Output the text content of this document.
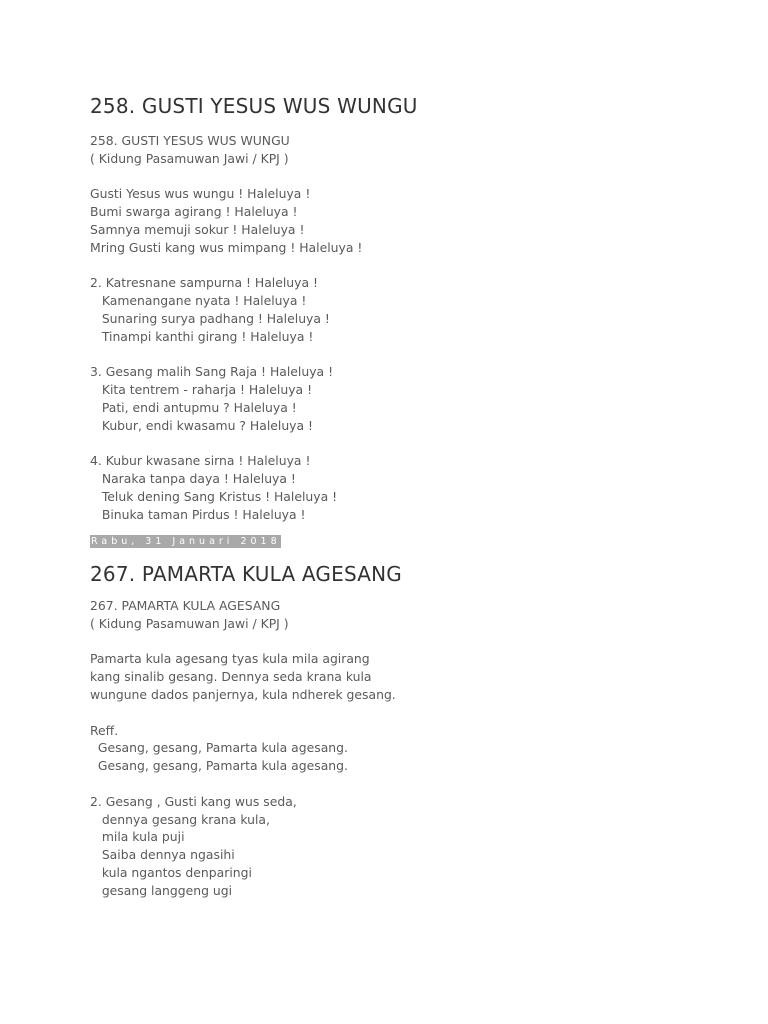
258. GUSTI YESUS WUS WUNGU
258. GUSTI YESUS WUS WUNGU
( Kidung Pasamuwan Jawi / KPJ )
Gusti Yesus wus wungu ! Haleluya !
Bumi swarga agirang ! Haleluya !
Samnya memuji sokur ! Haleluya !
Mring Gusti kang wus mimpang ! Haleluya !
2. Katresnane sampurna ! Haleluya !
Kamenangane nyata ! Haleluya !
Sunaring surya padhang ! Haleluya !
Tinampi kanthi girang ! Haleluya !
3. Gesang malih Sang Raja ! Haleluya !
Kita tentrem - raharja ! Haleluya !
Pati, endi antupmu ? Haleluya !
Kubur, endi kwasamu ? Haleluya !
4. Kubur kwasane sirna ! Haleluya !
Naraka tanpa daya ! Haleluya !
Teluk dening Sang Kristus ! Haleluya !
Binuka taman Pirdus ! Haleluya !
Rabu, 31 Januari 2018
267. PAMARTA KULA AGESANG
267. PAMARTA KULA AGESANG
( Kidung Pasamuwan Jawi / KPJ )
Pamarta kula agesang tyas kula mila agirang
kang sinalib gesang. Dennya seda krana kula
wungune dados panjernya, kula ndherek gesang.
Reff.
Gesang, gesang, Pamarta kula agesang.
Gesang, gesang, Pamarta kula agesang.
2. Gesang , Gusti kang wus seda,
dennya gesang krana kula,
mila kula puji
Saiba dennya ngasihi
kula ngantos denparingi
gesang langgeng ugi
